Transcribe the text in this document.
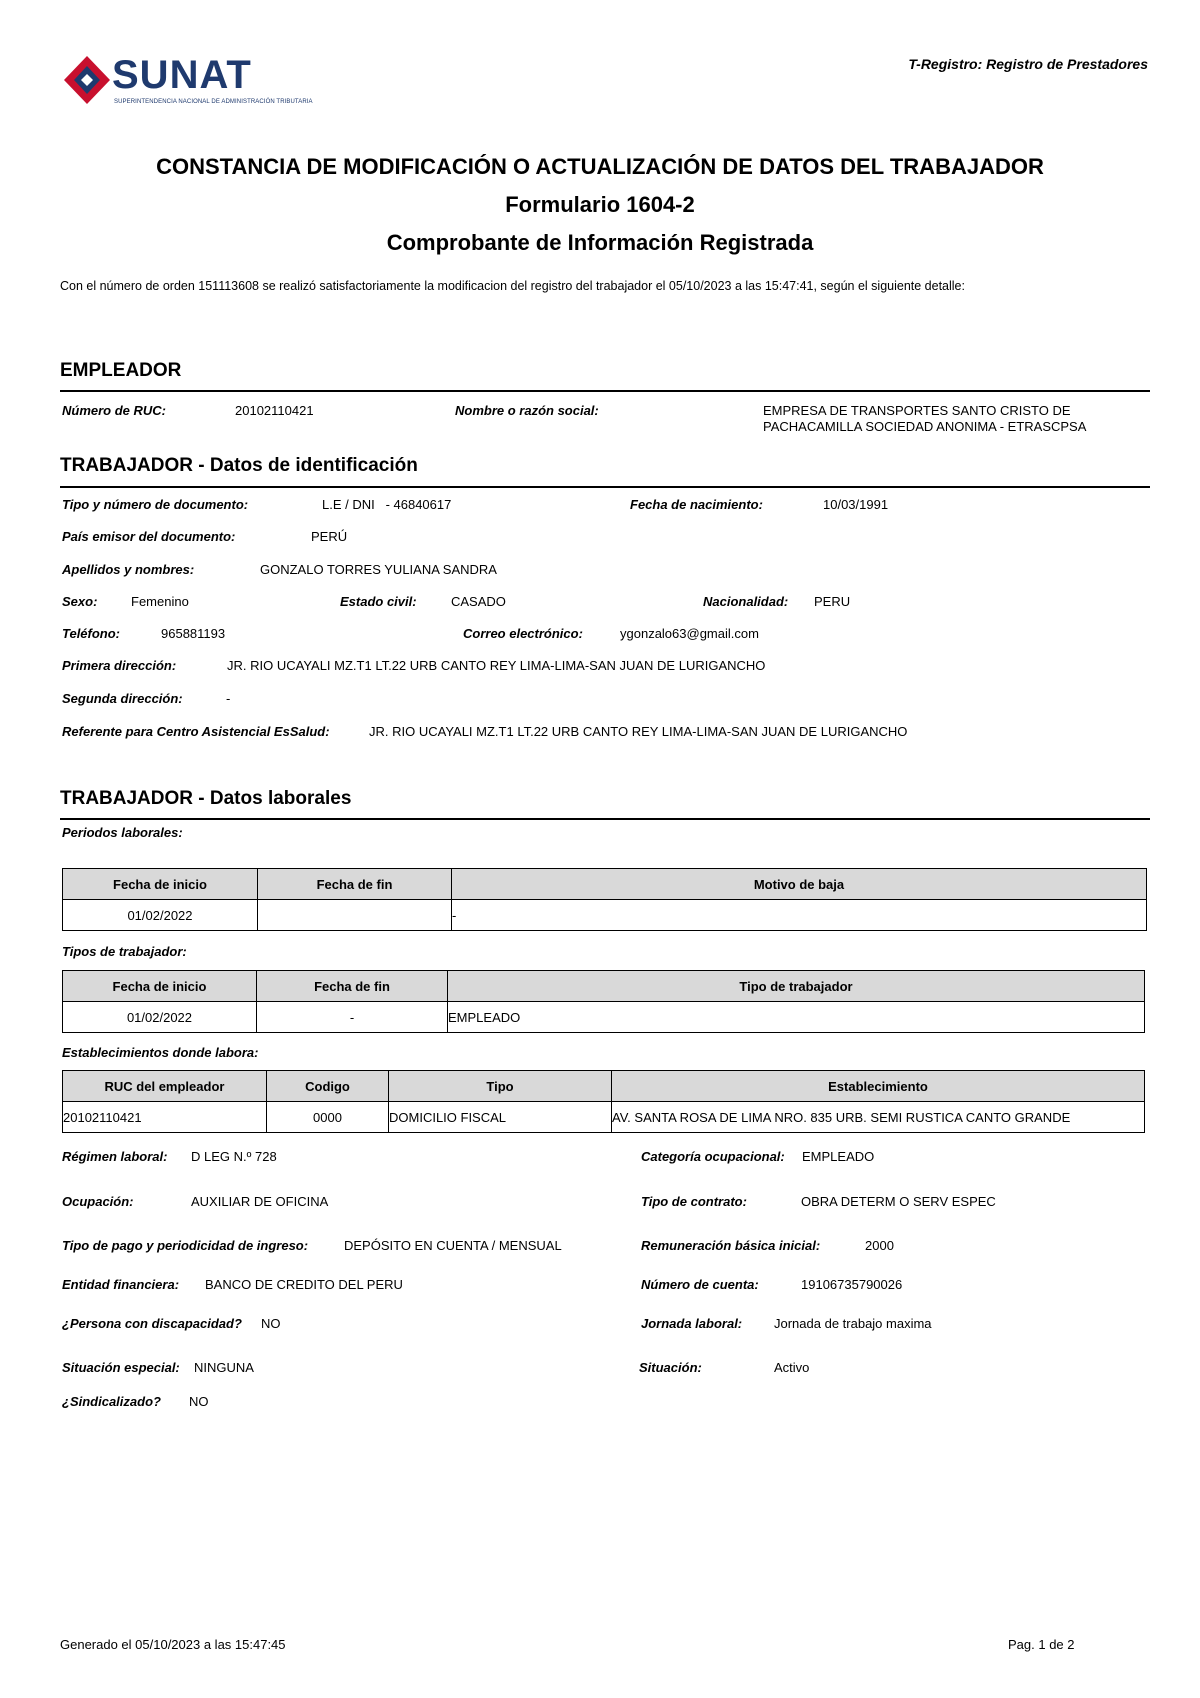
SUNAT
SUPERINTENDENCIA NACIONAL DE ADMINISTRACIÓN TRIBUTARIA
T-Registro: Registro de Prestadores
CONSTANCIA DE MODIFICACIÓN O ACTUALIZACIÓN DE DATOS DEL TRABAJADOR
Formulario 1604-2
Comprobante de Información Registrada
Con el número de orden 151113608 se realizó satisfactoriamente la modificacion del registro del trabajador el 05/10/2023 a las 15:47:41, según el siguiente detalle:
EMPLEADOR
Número de RUC:	20102110421	Nombre o razón social:	EMPRESA DE TRANSPORTES SANTO CRISTO DE
PACHACAMILLA SOCIEDAD ANONIMA - ETRASCPSA
TRABAJADOR - Datos de identificación
Tipo y número de documento:	L.E / DNI   - 46840617	Fecha de nacimiento:	10/03/1991
País emisor del documento:	PERÚ
Apellidos y nombres:	GONZALO TORRES YULIANA SANDRA
Sexo:	Femenino	Estado civil:	CASADO	Nacionalidad: PERU
Teléfono:	965881193	Correo electrónico:	ygonzalo63@gmail.com
Primera dirección:	JR. RIO UCAYALI MZ.T1 LT.22 URB CANTO REY LIMA-LIMA-SAN JUAN DE LURIGANCHO
Segunda dirección:	-
Referente para Centro Asistencial EsSalud:	JR. RIO UCAYALI MZ.T1 LT.22 URB CANTO REY LIMA-LIMA-SAN JUAN DE LURIGANCHO
TRABAJADOR - Datos laborales
Periodos laborales:
Fecha de inicio	Fecha de fin	Motivo de baja
01/02/2022		-
Tipos de trabajador:
Fecha de inicio	Fecha de fin	Tipo de trabajador
01/02/2022	-	EMPLEADO
Establecimientos donde labora:
RUC del empleador	Codigo	Tipo	Establecimiento
20102110421	0000	DOMICILIO FISCAL	AV. SANTA ROSA DE LIMA NRO. 835 URB. SEMI RUSTICA CANTO GRANDE
Régimen laboral: D LEG N.º 728	Categoría ocupacional: EMPLEADO
Ocupación:	AUXILIAR DE OFICINA	Tipo de contrato:	OBRA DETERM O SERV ESPEC
Tipo de pago y periodicidad de ingreso:	DEPÓSITO EN CUENTA / MENSUAL	Remuneración básica inicial:	2000
Entidad financiera: BANCO DE CREDITO DEL PERU	Número de cuenta:	19106735790026
¿Persona con discapacidad? NO	Jornada laboral: Jornada de trabajo maxima
Situación especial: NINGUNA	Situación:	Activo
¿Sindicalizado? NO
Generado el 05/10/2023 a las 15:47:45	Pag. 1 de 2
